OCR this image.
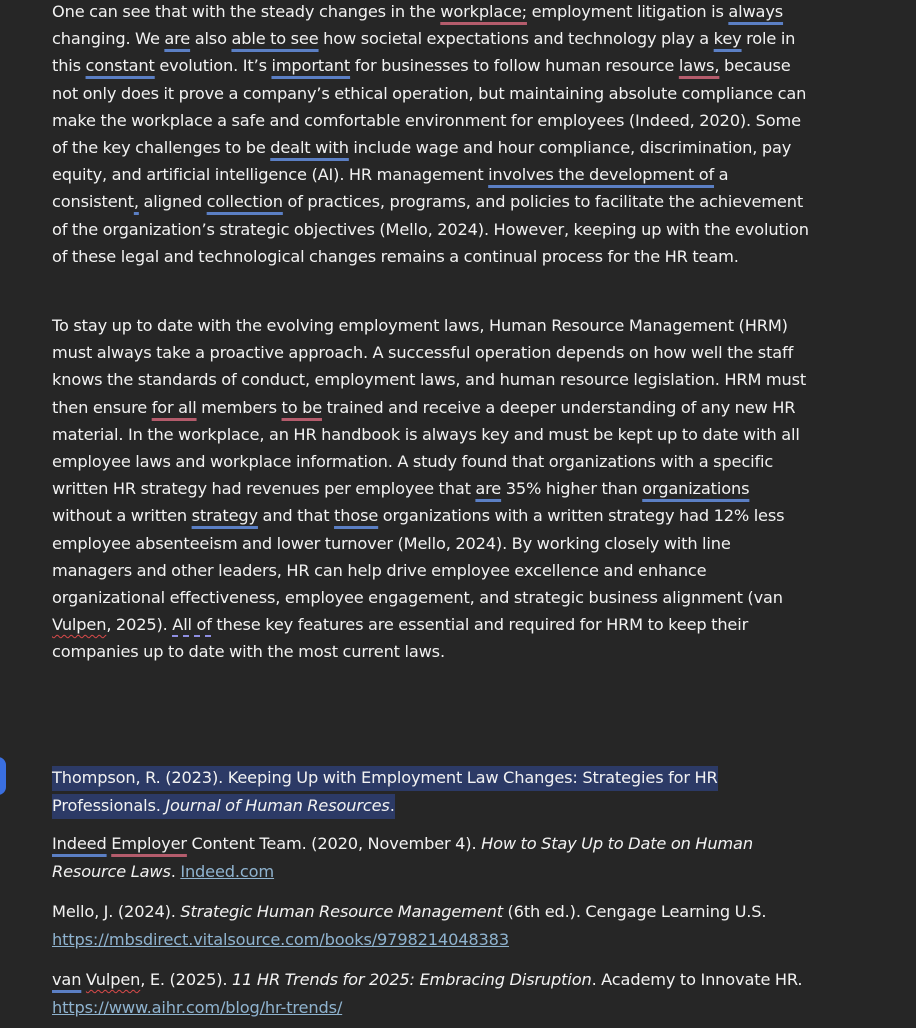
One can see that with the steady changes in the workplace; employment litigation is always changing. We are also able to see how societal expectations and technology play a key role in this constant evolution. It’s important for businesses to follow human resource laws, because not only does it prove a company’s ethical operation, but maintaining absolute compliance can make the workplace a safe and comfortable environment for employees (Indeed, 2020). Some of the key challenges to be dealt with include wage and hour compliance, discrimination, pay equity, and artificial intelligence (AI). HR management involves the development of a consistent, aligned collection of practices, programs, and policies to facilitate the achievement of the organization’s strategic objectives (Mello, 2024). However, keeping up with the evolution of these legal and technological changes remains a continual process for the HR team.

To stay up to date with the evolving employment laws, Human Resource Management (HRM) must always take a proactive approach. A successful operation depends on how well the staff knows the standards of conduct, employment laws, and human resource legislation. HRM must then ensure for all members to be trained and receive a deeper understanding of any new HR material. In the workplace, an HR handbook is always key and must be kept up to date with all employee laws and workplace information. A study found that organizations with a specific written HR strategy had revenues per employee that are 35% higher than organizations without a written strategy and that those organizations with a written strategy had 12% less employee absenteeism and lower turnover (Mello, 2024). By working closely with line managers and other leaders, HR can help drive employee excellence and enhance organizational effectiveness, employee engagement, and strategic business alignment (van Vulpen, 2025). All of these key features are essential and required for HRM to keep their companies up to date with the most current laws.

Thompson, R. (2023). Keeping Up with Employment Law Changes: Strategies for HR Professionals. Journal of Human Resources.

Indeed Employer Content Team. (2020, November 4). How to Stay Up to Date on Human Resource Laws. Indeed.com

Mello, J. (2024). Strategic Human Resource Management (6th ed.). Cengage Learning U.S. https://mbsdirect.vitalsource.com/books/9798214048383

van Vulpen, E. (2025). 11 HR Trends for 2025: Embracing Disruption. Academy to Innovate HR. https://www.aihr.com/blog/hr-trends/
